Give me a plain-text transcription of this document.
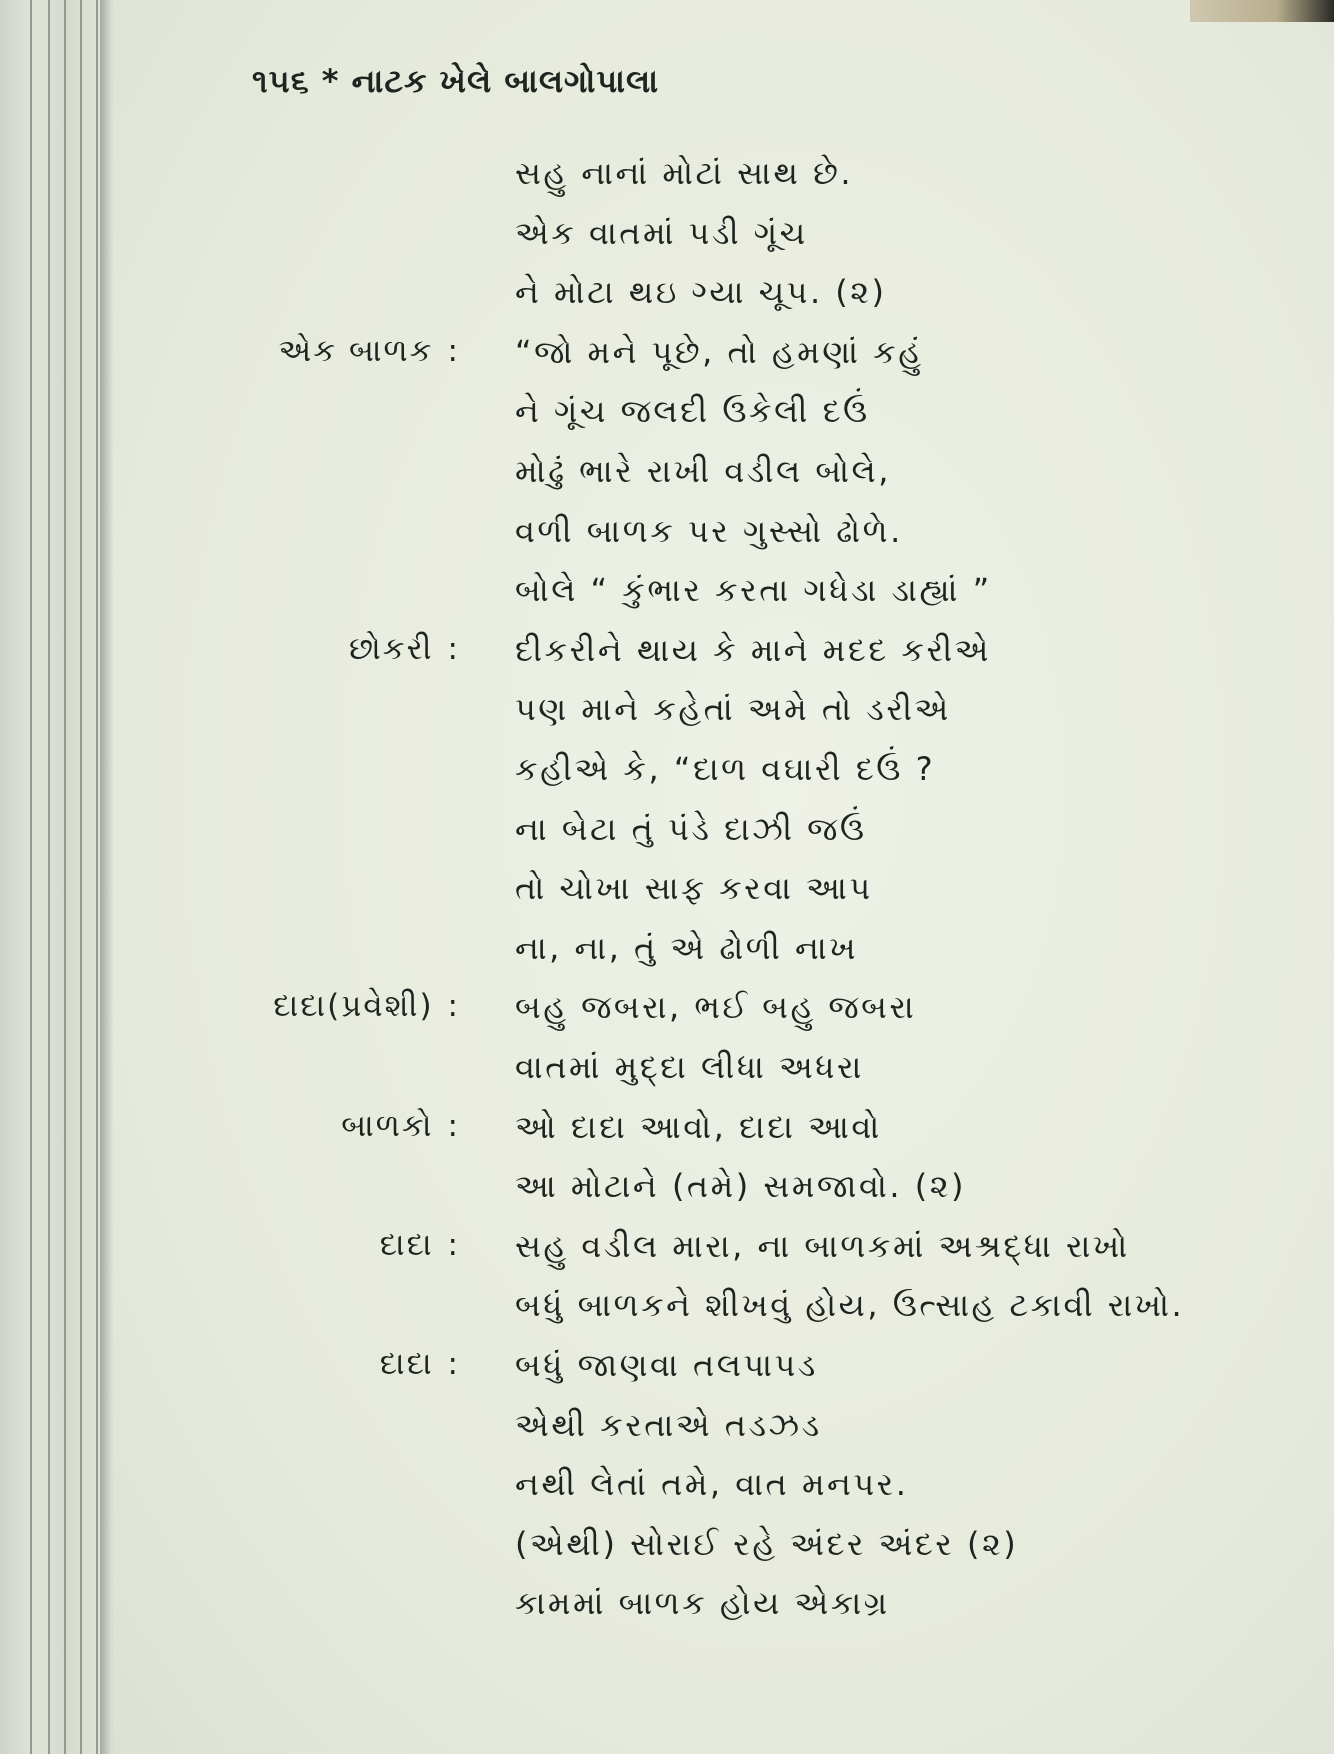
૧૫૬ * નાટક ખેલે બાલગોપાલા
સહુ નાનાં મોટાં સાથ છે.
એક વાતમાં પડી ગૂંચ
ને મોટા થઇ ગ્યા ચૂપ. (૨)
એક બાળક : “જો મને પૂછે, તો હમણાં કહું
ને ગૂંચ જલદી ઉકેલી દઉં
મોઢું ભારે રાખી વડીલ બોલે,
વળી બાળક પર ગુસ્સો ઢોળે.
બોલે “ કુંભાર કરતા ગધેડા ડાહ્યાં ”
છોકરી : દીકરીને થાય કે માને મદદ કરીએ
પણ માને કહેતાં અમે તો ડરીએ
કહીએ કે, “દાળ વઘારી દઉં ?
ના બેટા તું પંડે દાઝી જઉં
તો ચોખા સાફ કરવા આપ
ના, ના, તું એ ઢોળી નાખ
દાદા(પ્રવેશી) : બહુ જબરા, ભઈ બહુ જબરા
વાતમાં મુદ્દા લીધા અધરા
બાળકો : ઓ દાદા આવો, દાદા આવો
આ મોટાને (તમે) સમજાવો. (૨)
દાદા : સહુ વડીલ મારા, ના બાળકમાં અશ્રદ્ધા રાખો
બધું બાળકને શીખવું હોય, ઉત્સાહ ટકાવી રાખો.
દાદા : બધું જાણવા તલપાપડ
એથી કરતાએ તડઝડ
નથી લેતાં તમે, વાત મનપર.
(એથી) સોરાઈ રહે અંદર અંદર (૨)
કામમાં બાળક હોય એકાગ્ર
